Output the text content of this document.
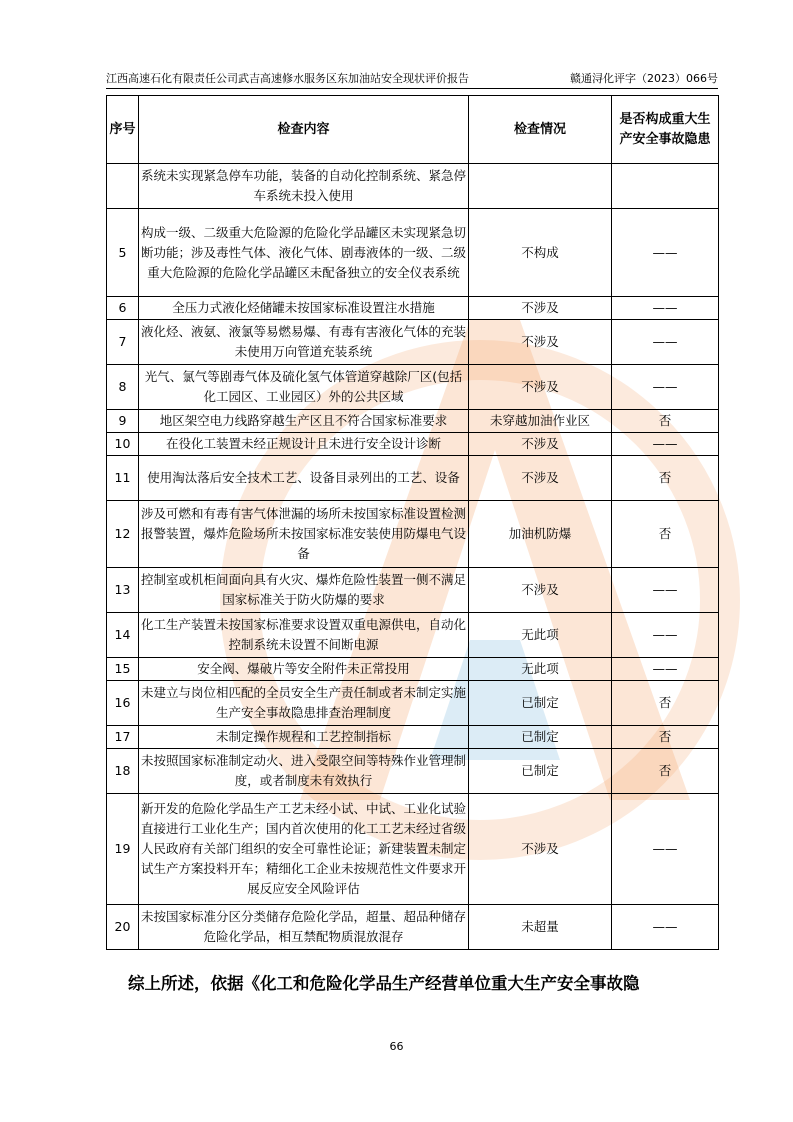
江西高速石化有限责任公司武吉高速修水服务区东加油站安全现状评价报告	赣通浔化评字（2023）066号
序号	检查内容	检查情况	是否构成重大生产安全事故隐患
	系统未实现紧急停车功能，装备的自动化控制系统、紧急停车系统未投入使用		
5	构成一级、二级重大危险源的危险化学品罐区未实现紧急切断功能；涉及毒性气体、液化气体、剧毒液体的一级、二级重大危险源的危险化学品罐区未配备独立的安全仪表系统	不构成	——
6	全压力式液化烃储罐未按国家标准设置注水措施	不涉及	——
7	液化烃、液氨、液氯等易燃易爆、有毒有害液化气体的充装未使用万向管道充装系统	不涉及	——
8	光气、氯气等剧毒气体及硫化氢气体管道穿越除厂区(包括化工园区、工业园区）外的公共区域	不涉及	——
9	地区架空电力线路穿越生产区且不符合国家标准要求	未穿越加油作业区	否
10	在役化工装置未经正规设计且未进行安全设计诊断	不涉及	——
11	使用淘汰落后安全技术工艺、设备目录列出的工艺、设备	不涉及	否
12	涉及可燃和有毒有害气体泄漏的场所未按国家标准设置检测报警装置，爆炸危险场所未按国家标准安装使用防爆电气设备	加油机防爆	否
13	控制室或机柜间面向具有火灾、爆炸危险性装置一侧不满足国家标准关于防火防爆的要求	不涉及	——
14	化工生产装置未按国家标准要求设置双重电源供电，自动化控制系统未设置不间断电源	无此项	——
15	安全阀、爆破片等安全附件未正常投用	无此项	——
16	未建立与岗位相匹配的全员安全生产责任制或者未制定实施生产安全事故隐患排查治理制度	已制定	否
17	未制定操作规程和工艺控制指标	已制定	否
18	未按照国家标准制定动火、进入受限空间等特殊作业管理制度，或者制度未有效执行	已制定	否
19	新开发的危险化学品生产工艺未经小试、中试、工业化试验直接进行工业化生产；国内首次使用的化工工艺未经过省级人民政府有关部门组织的安全可靠性论证；新建装置未制定试生产方案投料开车；精细化工企业未按规范性文件要求开展反应安全风险评估	不涉及	——
20	未按国家标准分区分类储存危险化学品，超量、超品种储存危险化学品，相互禁配物质混放混存	未超量	——
综上所述，依据《化工和危险化学品生产经营单位重大生产安全事故隐
66
